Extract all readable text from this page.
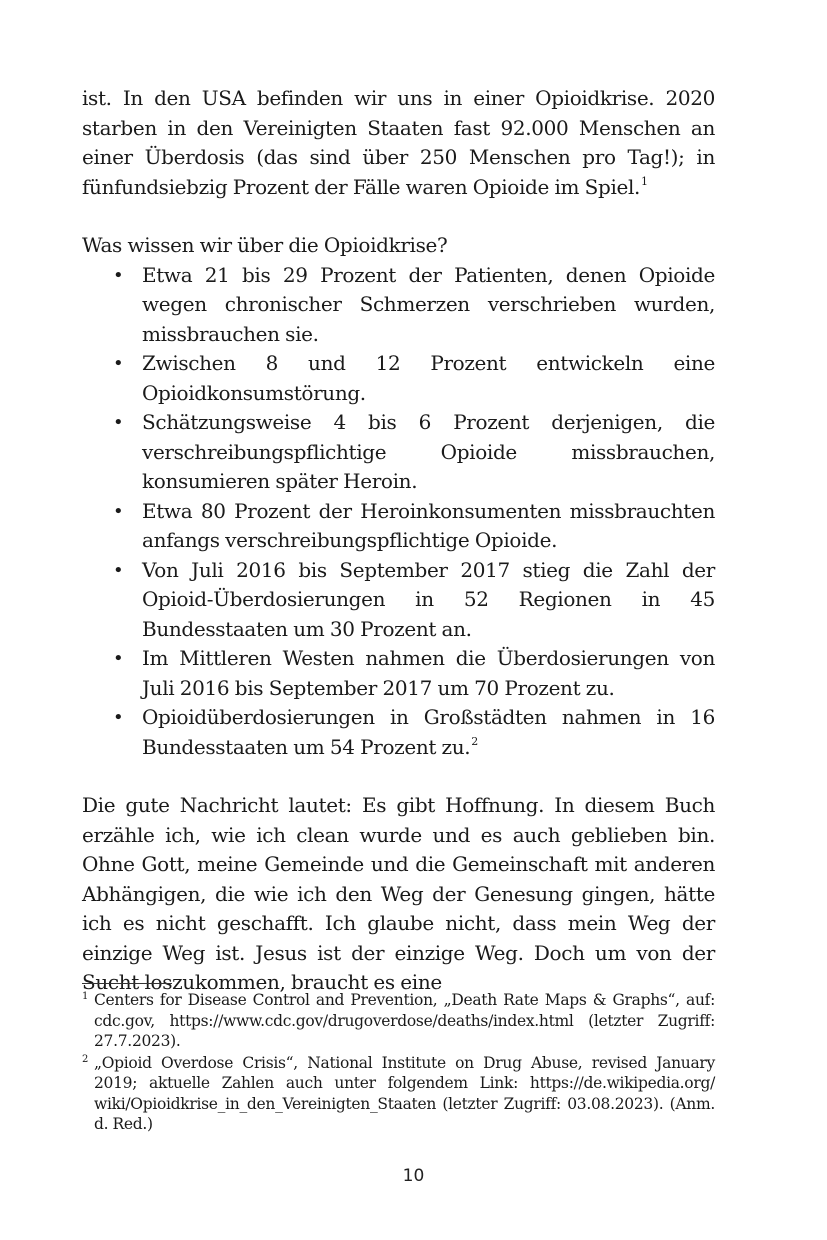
ist. In den USA befinden wir uns in einer Opioidkrise. 2020 starben in den Vereinigten Staaten fast 92.000 Menschen an einer Überdosis (das sind über 250 Menschen pro Tag!); in fünfundsiebzig Prozent der Fälle waren Opioide im Spiel.$^1$

Was wissen wir über die Opioidkrise?

• Etwa 21 bis 29 Prozent der Patienten, denen Opioide wegen chronischer Schmerzen verschrieben wurden, missbrauchen sie.
• Zwischen 8 und 12 Prozent entwickeln eine Opioidkonsumstörung.
• Schätzungsweise 4 bis 6 Prozent derjenigen, die verschreibungspflichtige Opioide missbrauchen, konsumieren später Heroin.
• Etwa 80 Prozent der Heroinkonsumenten missbrauchten anfangs verschreibungspflichtige Opioide.
• Von Juli 2016 bis September 2017 stieg die Zahl der Opioid-Überdosierungen in 52 Regionen in 45 Bundesstaaten um 30 Prozent an.
• Im Mittleren Westen nahmen die Überdosierungen von Juli 2016 bis September 2017 um 70 Prozent zu.
• Opioidüberdosierungen in Großstädten nahmen in 16 Bundesstaaten um 54 Prozent zu.$^2$

Die gute Nachricht lautet: Es gibt Hoffnung. In diesem Buch erzähle ich, wie ich clean wurde und es auch geblieben bin. Ohne Gott, meine Gemeinde und die Gemeinschaft mit anderen Abhängigen, die wie ich den Weg der Genesung gingen, hätte ich es nicht geschafft. Ich glaube nicht, dass mein Weg der einzige Weg ist. Jesus ist der einzige Weg. Doch um von der Sucht loszukommen, braucht es eine

1 Centers for Disease Control and Prevention, „Death Rate Maps & Graphs“, auf: cdc.gov, https://www.cdc.gov/drugoverdose/deaths/index.html (letzter Zugriff: 27.7.2023).

2 „Opioid Overdose Crisis“, National Institute on Drug Abuse, revised January 2019; aktuelle Zahlen auch unter folgendem Link: https://de.wikipedia.org/ wiki/Opioidkrise_in_den_Vereinigten_Staaten (letzter Zugriff: 03.08.2023). (Anm. d. Red.)

10
